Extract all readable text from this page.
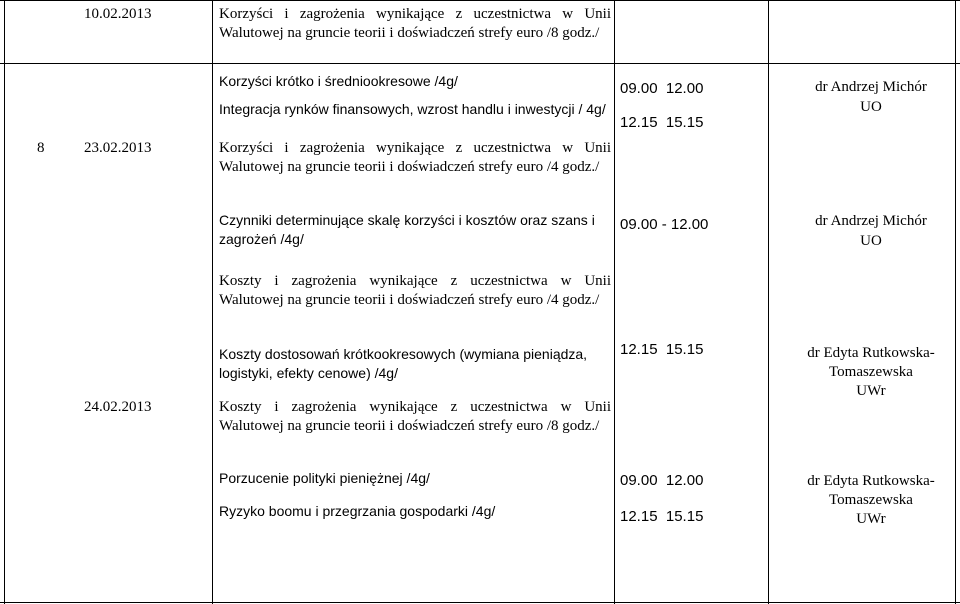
10.02.2013	Korzyści i zagrożenia wynikające z uczestnictwa w Unii Walutowej na gruncie teorii i doświadczeń strefy euro /8 godz./
8	23.02.2013
Korzyści krótko i średniookresowe /4g/
Integracja rynków finansowych, wzrost handlu i inwestycji / 4g/
Korzyści i zagrożenia wynikające z uczestnictwa w Unii Walutowej na gruncie teorii i doświadczeń strefy euro /4 godz./
Czynniki determinujące skalę korzyści i kosztów oraz szans i zagrożeń /4g/
09.00  12.00
12.15  15.15
09.00 - 12.00
dr Andrzej Michór
UO
dr Andrzej Michór
UO
24.02.2013
Koszty i zagrożenia wynikające z uczestnictwa w Unii Walutowej na gruncie teorii i doświadczeń strefy euro /4 godz./
Koszty dostosowań krótkookresowych (wymiana pieniądza, logistyki, efekty cenowe) /4g/
Koszty i zagrożenia wynikające z uczestnictwa w Unii Walutowej na gruncie teorii i doświadczeń strefy euro /8 godz./
Porzucenie polityki pieniężnej /4g/
Ryzyko boomu i przegrzania gospodarki /4g/
12.15  15.15
09.00  12.00
12.15  15.15
dr Edyta Rutkowska-
Tomaszewska
UWr
dr Edyta Rutkowska-
Tomaszewska
UWr
